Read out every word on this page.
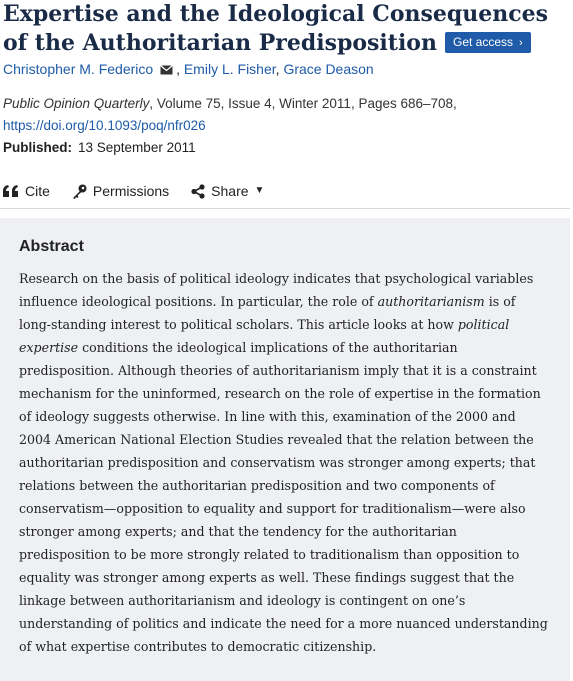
Expertise and the Ideological Consequences of the Authoritarian Predisposition Get access ›
Christopher M. Federico , Emily L. Fisher, Grace Deason
Public Opinion Quarterly, Volume 75, Issue 4, Winter 2011, Pages 686–708,
https://doi.org/10.1093/poq/nfr026
Published: 13 September 2011
Cite	Permissions	Share ▼
Abstract

Research on the basis of political ideology indicates that psychological variables influence ideological positions. In particular, the role of authoritarianism is of long-standing interest to political scholars. This article looks at how political expertise conditions the ideological implications of the authoritarian predisposition. Although theories of authoritarianism imply that it is a constraint mechanism for the uninformed, research on the role of expertise in the formation of ideology suggests otherwise. In line with this, examination of the 2000 and 2004 American National Election Studies revealed that the relation between the authoritarian predisposition and conservatism was stronger among experts; that relations between the authoritarian predisposition and two components of conservatism—opposition to equality and support for traditionalism—were also stronger among experts; and that the tendency for the authoritarian predisposition to be more strongly related to traditionalism than opposition to equality was stronger among experts as well. These findings suggest that the linkage between authoritarianism and ideology is contingent on one’s understanding of politics and indicate the need for a more nuanced understanding of what expertise contributes to democratic citizenship.
